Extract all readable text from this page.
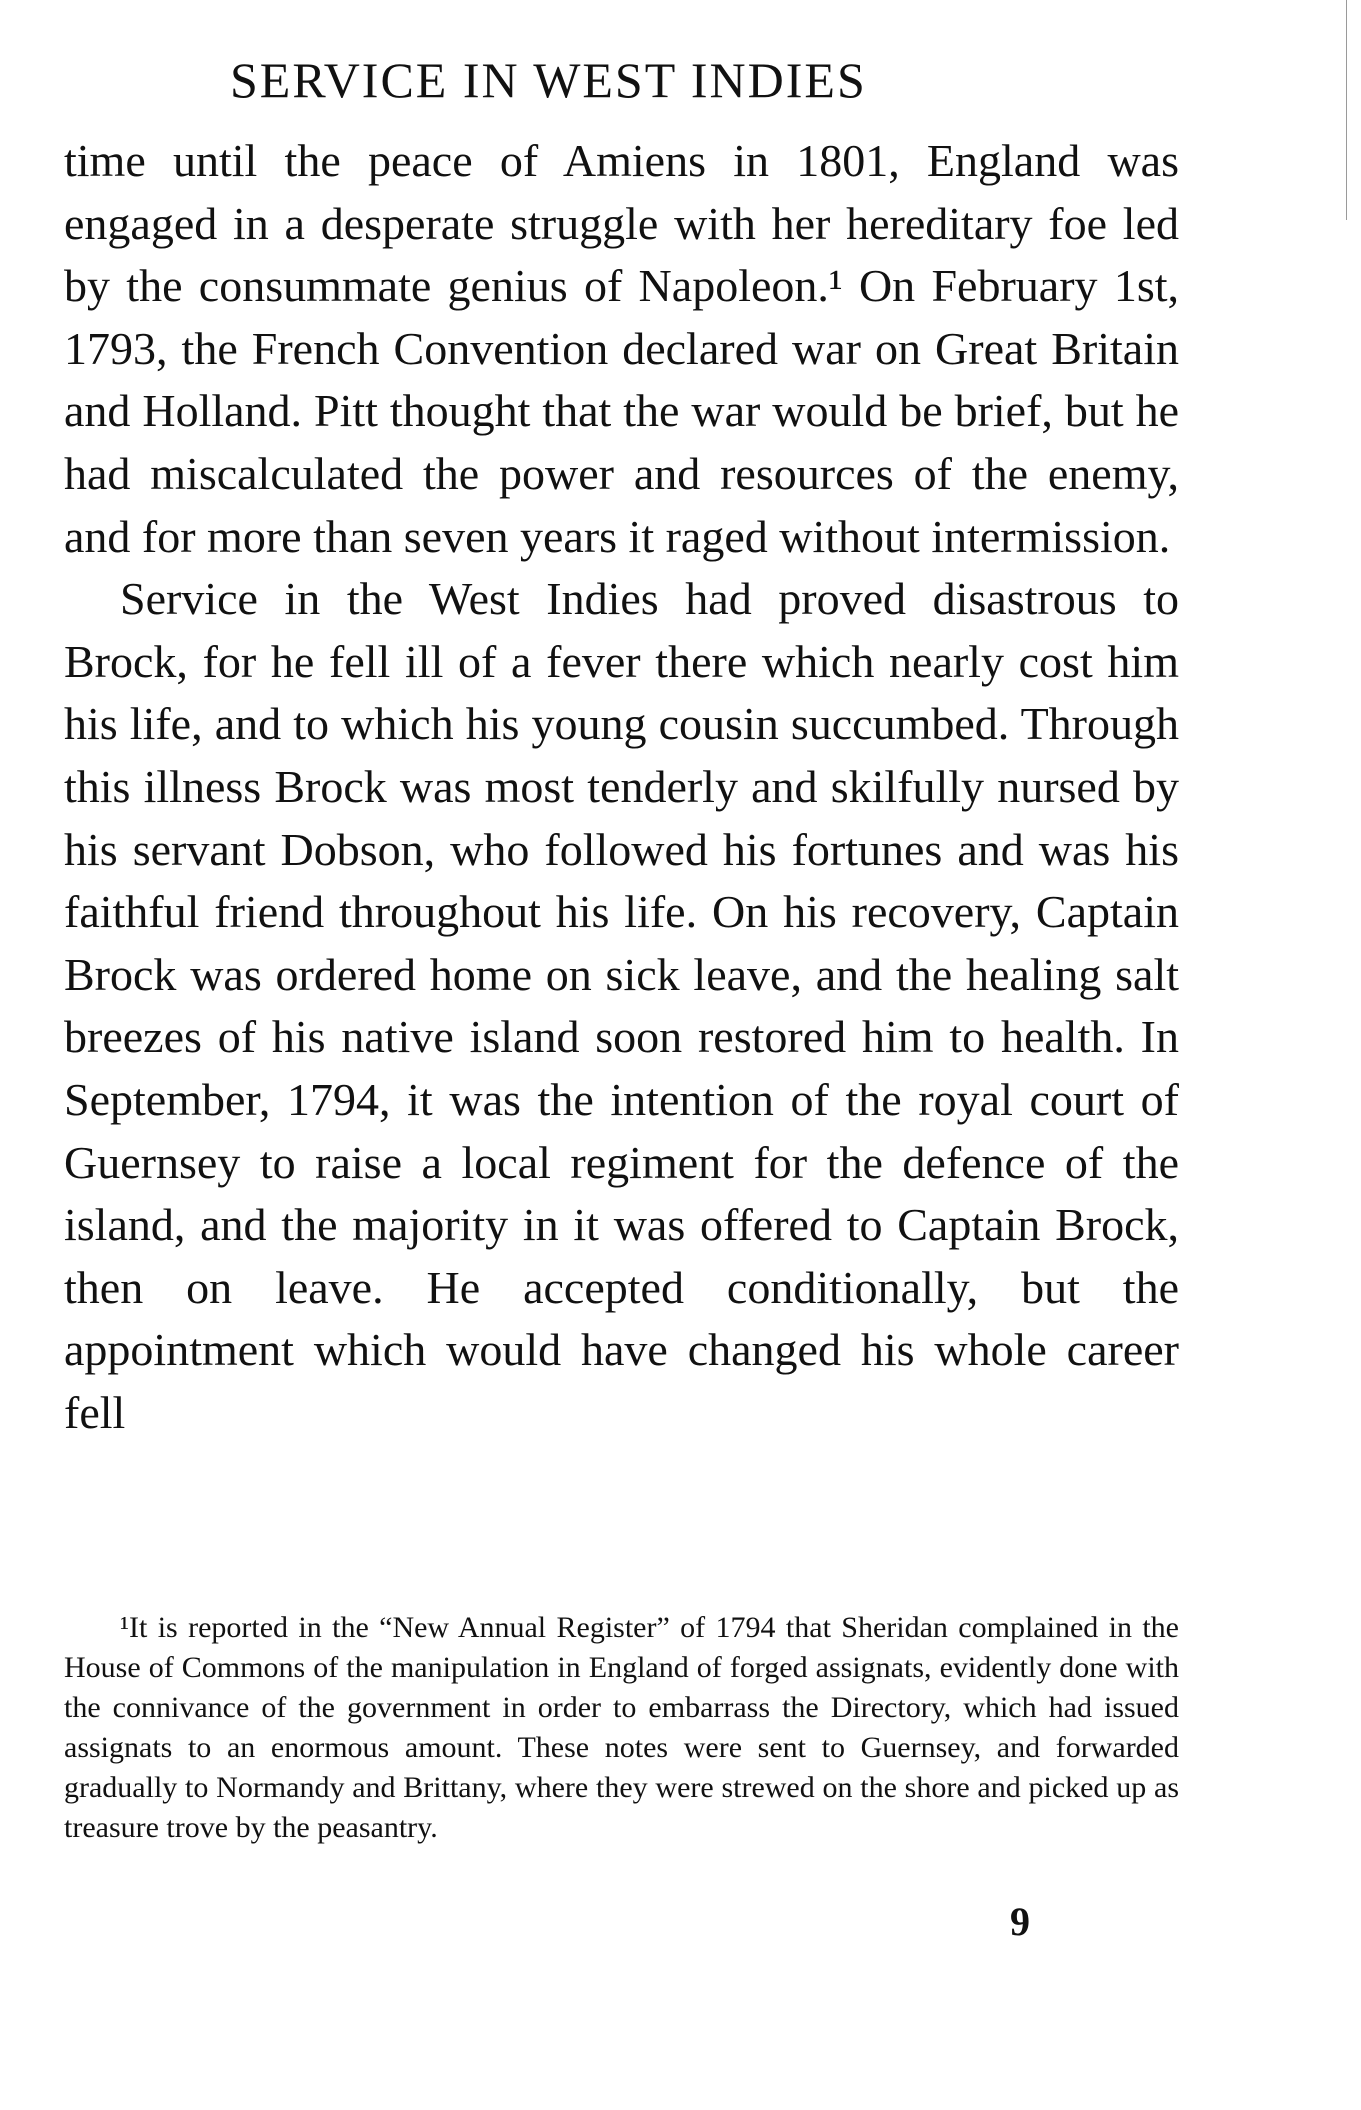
SERVICE IN WEST INDIES

time until the peace of Amiens in 1801, England was engaged in a desperate struggle with her hereditary foe led by the consummate genius of Napoleon.¹ On February 1st, 1793, the French Convention declared war on Great Britain and Holland. Pitt thought that the war would be brief, but he had miscalculated the power and resources of the enemy, and for more than seven years it raged without intermission.

Service in the West Indies had proved disastrous to Brock, for he fell ill of a fever there which nearly cost him his life, and to which his young cousin succumbed. Through this illness Brock was most tenderly and skilfully nursed by his servant Dobson, who followed his fortunes and was his faithful friend throughout his life. On his recovery, Captain Brock was ordered home on sick leave, and the healing salt breezes of his native island soon restored him to health. In September, 1794, it was the intention of the royal court of Guernsey to raise a local regiment for the defence of the island, and the majority in it was offered to Captain Brock, then on leave. He accepted conditionally, but the appointment which would have changed his whole career fell

¹It is reported in the “New Annual Register” of 1794 that Sheridan complained in the House of Commons of the manipulation in England of forged assignats, evidently done with the connivance of the government in order to embarrass the Directory, which had issued assignats to an enormous amount. These notes were sent to Guernsey, and forwarded gradually to Normandy and Brittany, where they were strewed on the shore and picked up as treasure trove by the peasantry.
9
